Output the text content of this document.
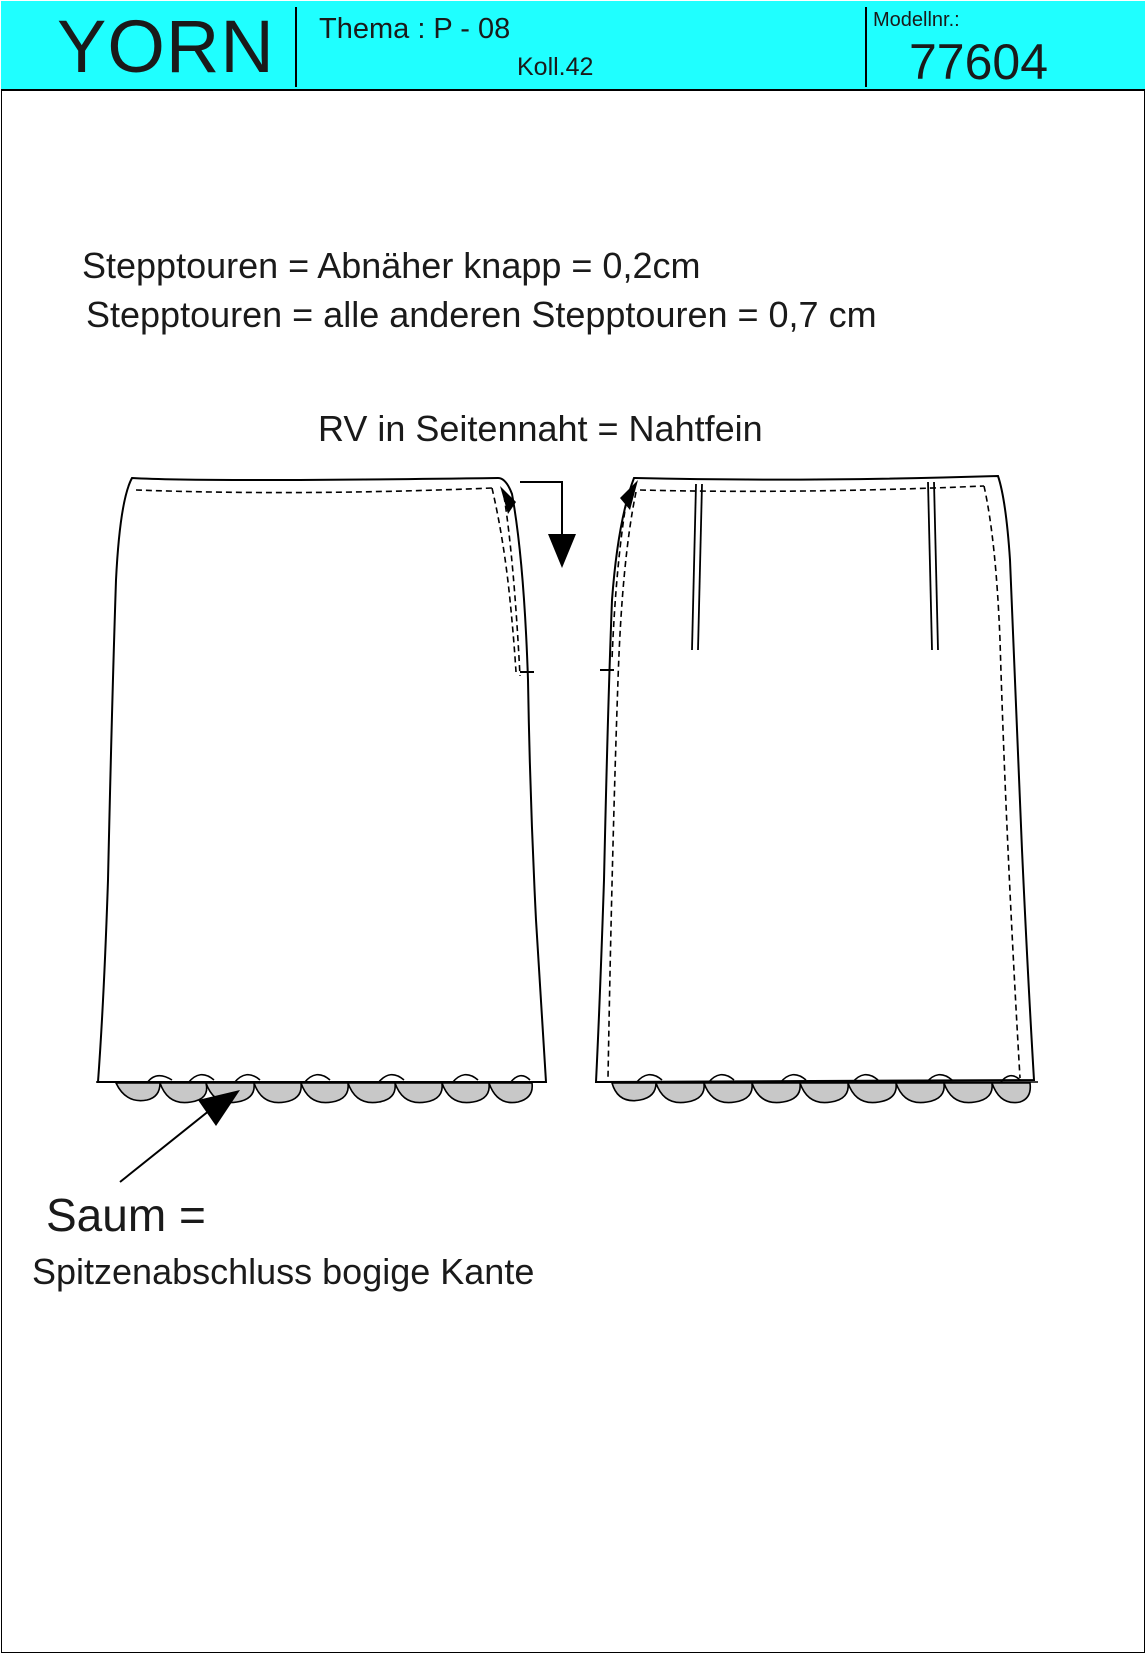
YORN Thema : P - 08
Koll.42
Modellnr.:
77604
Stepptouren = Abnäher knapp = 0,2cm
Stepptouren = alle anderen Stepptouren = 0,7 cm
RV in Seitennaht = Nahtfein
Saum =
Spitzenabschluss bogige Kante
